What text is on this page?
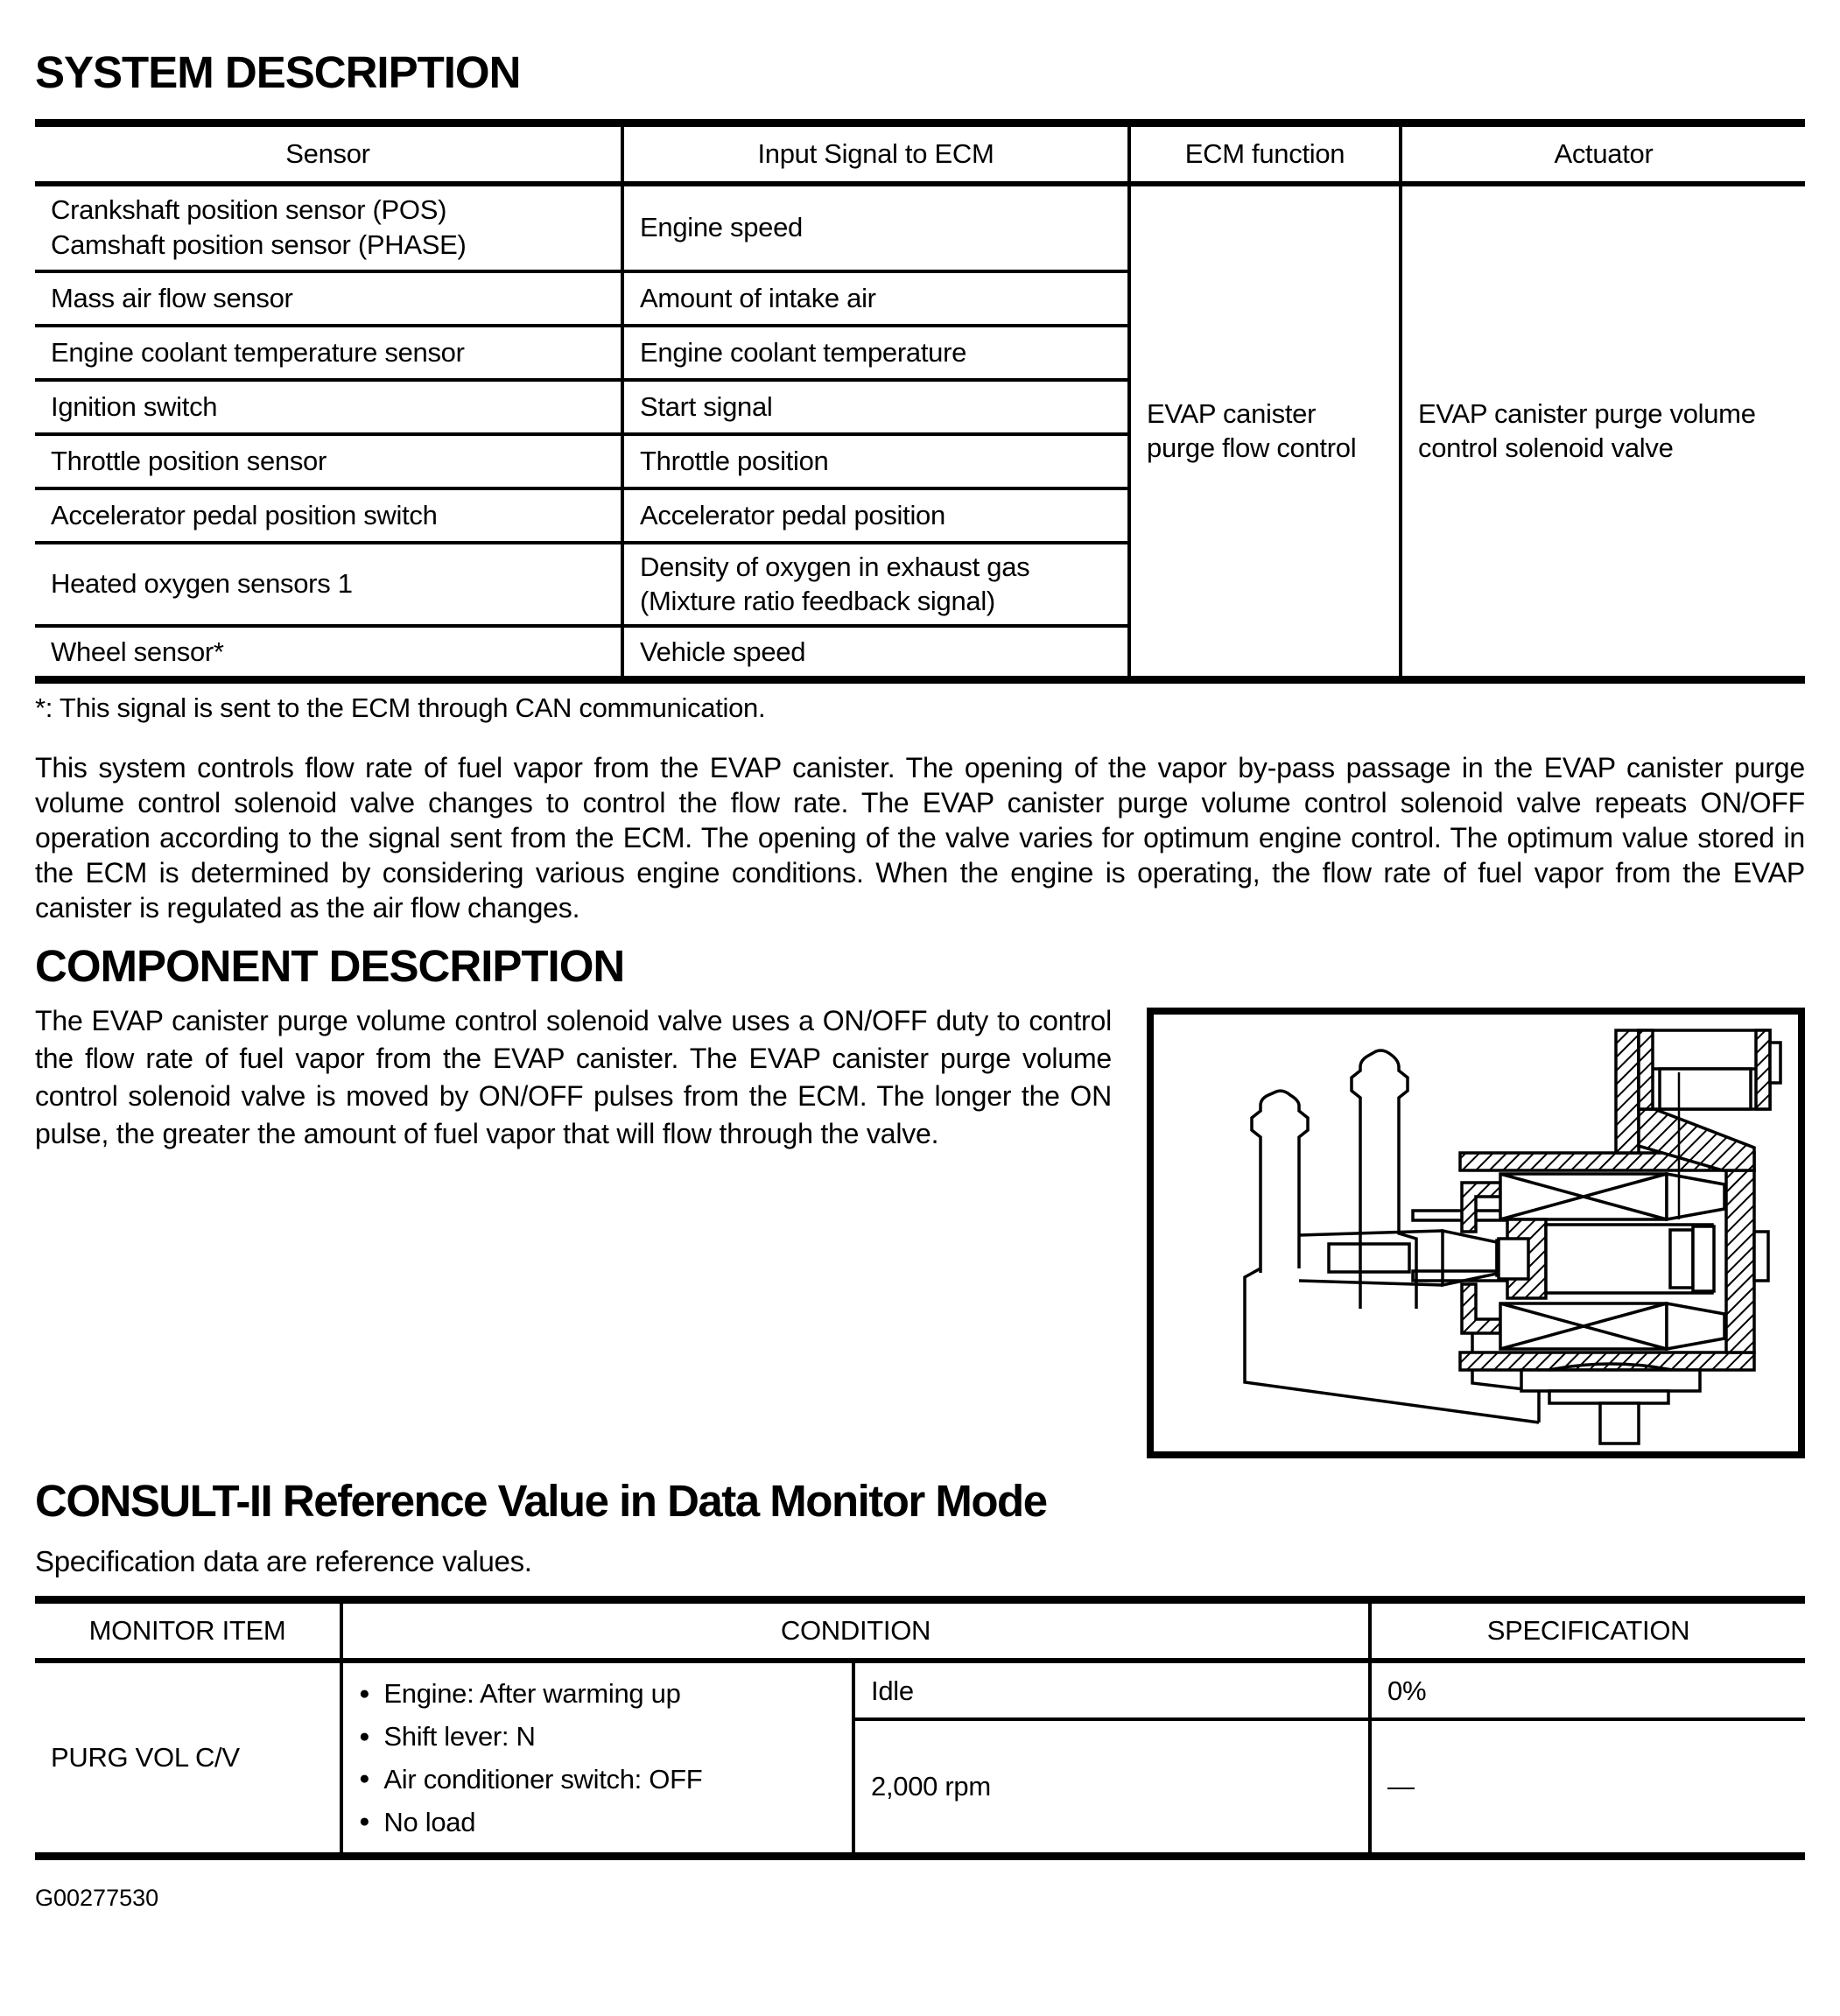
SYSTEM DESCRIPTION
Sensor	Input Signal to ECM	ECM function	Actuator

Crankshaft position sensor (POS)
Camshaft position sensor (PHASE)	Engine speed	EVAP canister purge flow control	EVAP canister purge volume control solenoid valve
Mass air flow sensor	Amount of intake air		
Engine coolant temperature sensor	Engine coolant temperature		
Ignition switch	Start signal		
Throttle position sensor	Throttle position		
Accelerator pedal position switch	Accelerator pedal position		
Heated oxygen sensors 1	Density of oxygen in exhaust gas
(Mixture ratio feedback signal)		

Wheel sensor*	Vehicle speed		
*: This signal is sent to the ECM through CAN communication.
This system controls flow rate of fuel vapor from the EVAP canister. The opening of the vapor by-pass passage in the EVAP canister purge volume control solenoid valve changes to control the flow rate. The EVAP canister purge volume control solenoid valve repeats ON/OFF operation according to the signal sent from the ECM. The opening of the valve varies for optimum engine control. The optimum value stored in the ECM is determined by considering various engine conditions. When the engine is operating, the flow rate of fuel vapor from the EVAP canister is regulated as the air flow changes.
COMPONENT DESCRIPTION
The EVAP canister purge volume control solenoid valve uses a ON/OFF duty to control the flow rate of fuel vapor from the EVAP canister. The EVAP canister purge volume control solenoid valve is moved by ON/OFF pulses from the ECM. The longer the ON pulse, the greater the amount of fuel vapor that will flow through the valve.
CONSULT-II Reference Value in Data Monitor Mode
Specification data are reference values.
MONITOR ITEM	CONDITION		SPECIFICATION
PURG VOL C/V	
● Engine: After warming up
● Shift lever: N
● Air conditioner switch: OFF
● No load
	Idle	0%
		2,000 rpm	—
G00277530
